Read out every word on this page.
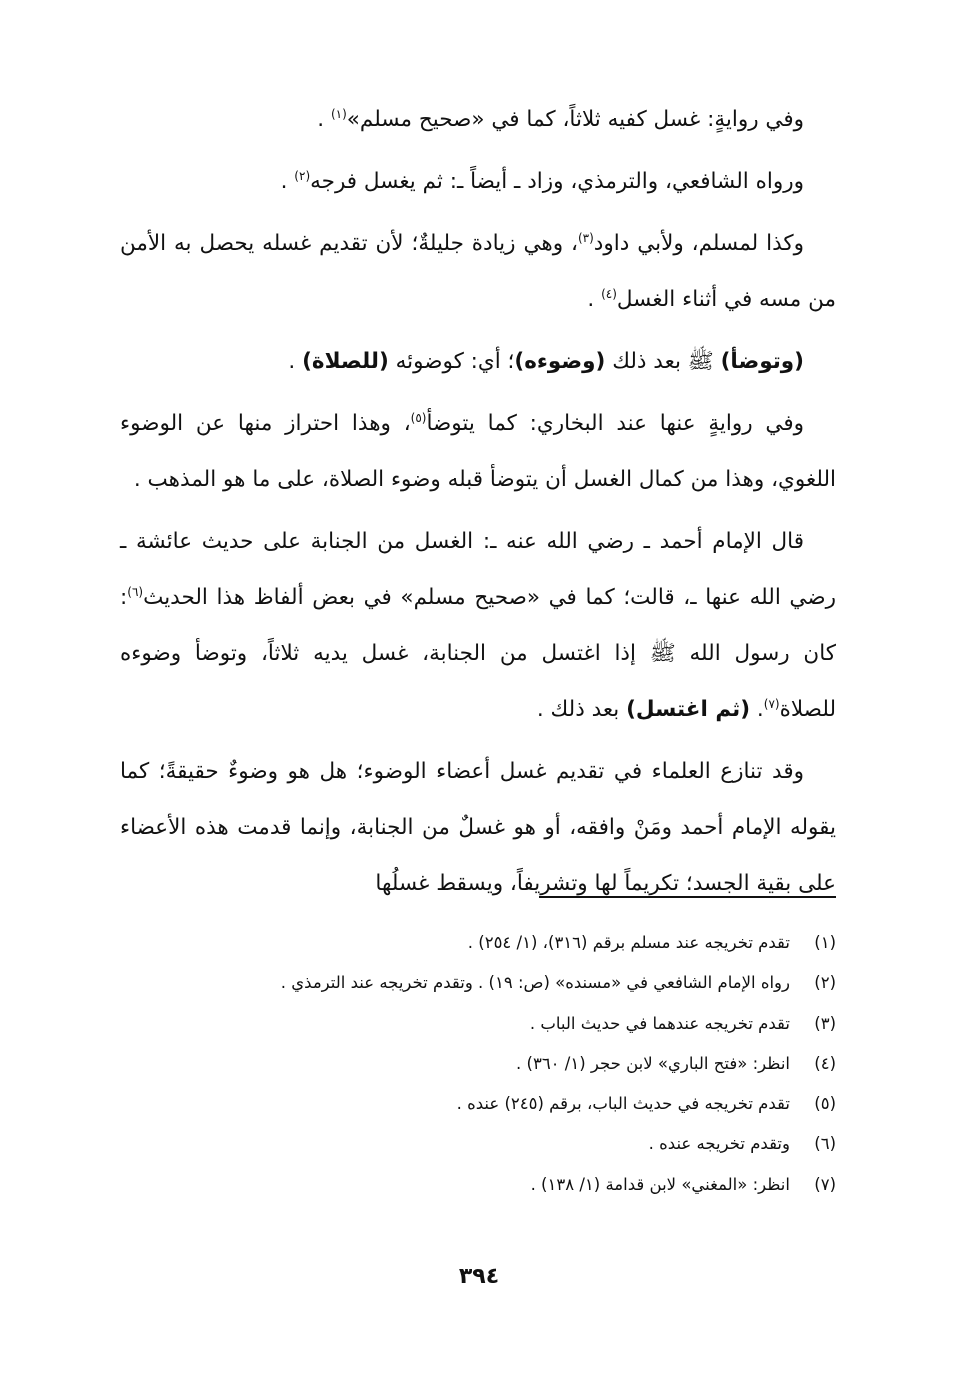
وفي روايةٍ: غسل كفيه ثلاثاً، كما في «صحيح مسلم»$^{(١)}$ .

ورواه الشافعي، والترمذي، وزاد ـ أيضاً ـ: ثم يغسل فرجه$^{(٢)}$ .

وكذا لمسلم، ولأبي داود$^{(٣)}$، وهي زيادة جليلةٌ؛ لأن تقديم غسله يحصل به الأمن من مسه في أثناء الغسل$^{(٤)}$ .

(وتوضأ) ﷺ بعد ذلك (وضوءه)؛ أي: كوضوئه (للصلاة) .

وفي روايةٍ عنها عند البخاري: كما يتوضأ$^{(٥)}$، وهذا احتراز منها عن الوضوء اللغوي، وهذا من كمال الغسل أن يتوضأ قبله وضوء الصلاة، على ما هو المذهب .

قال الإمام أحمد ـ رضي الله عنه ـ: الغسل من الجنابة على حديث عائشة ـ رضي الله عنها ـ، قالت؛ كما في «صحيح مسلم» في بعض ألفاظ هذا الحديث$^{(٦)}$: كان رسول الله ﷺ إذا اغتسل من الجنابة، غسل يديه ثلاثاً، وتوضأ وضوءه للصلاة$^{(٧)}$. (ثم اغتسل) بعد ذلك .

وقد تنازع العلماء في تقديم غسل أعضاء الوضوء؛ هل هو وضوءٌ حقيقةً؛ كما يقوله الإمام أحمد ومَنْ وافقه، أو هو غسلٌ من الجنابة، وإنما قدمت هذه الأعضاء على بقية الجسد؛ تكريماً لها وتشريفاً، ويسقط غسلُها

(١)
تقدم تخريجه عند مسلم برقم (٣١٦)، (١/ ٢٥٤) .
(٢)
رواه الإمام الشافعي في «مسنده» (ص: ١٩) . وتقدم تخريجه عند الترمذي .
(٣)
تقدم تخريجه عندهما في حديث الباب .
(٤)
انظر: «فتح الباري» لابن حجر (١/ ٣٦٠) .
(٥)
تقدم تخريجه في حديث الباب، برقم (٢٤٥) عنده .
(٦)
وتقدم تخريجه عنده .
(٧)
انظر: «المغني» لابن قدامة (١/ ١٣٨) .
٣٩٤
